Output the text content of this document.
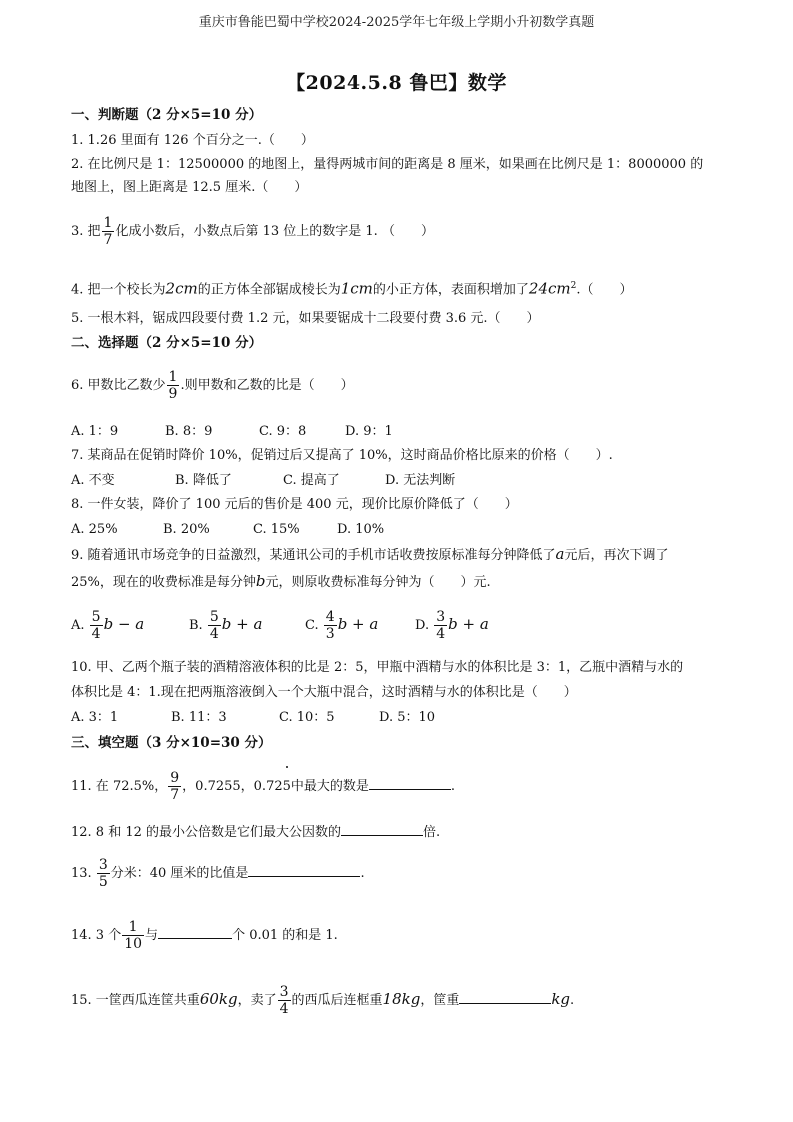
重庆市鲁能巴蜀中学校2024-2025学年七年级上学期小升初数学真题
【2024.5.8 鲁巴】数学
一、判断题（2 分×5=10 分）
1. 1.26 里面有 126 个百分之一.（　　）
2. 在比例尺是 1：12500000 的地图上，量得两城市间的距离是 8 厘米，如果画在比例尺是 1：8000000 的
地图上，图上距离是 12.5 厘米.（　　）
3. 把 $\frac{1}{7}$ 化成小数后，小数点后第 13 位上的数字是 1. （　　）
4. 把一个校长为2cm的正方体全部锯成棱长为1cm的小正方体，表面积增加了$24cm^2$.（　　）
5. 一根木料，锯成四段要付费 1.2 元，如果要锯成十二段要付费 3.6 元.（　　）
二、选择题（2 分×5=10 分）
6. 甲数比乙数少 $\frac{1}{9}$ .则甲数和乙数的比是（　　）
A. 1：9	B. 8：9	C. 9：8	D. 9：1
7. 某商品在促销时降价 10%，促销过后又提高了 10%，这时商品价格比原来的价格（　　）.
A. 不变	B. 降低了	C. 提高了	D. 无法判断
8. 一件女装，降价了 100 元后的售价是 400 元，现价比原价降低了（　　）
A. 25%	B. 20%	C. 15%	D. 10%
9. 随着通讯市场竞争的日益激烈，某通讯公司的手机市话收费按原标准每分钟降低了a元后，再次下调了
25%，现在的收费标准是每分钟b元，则原收费标准每分钟为（　　）元.
A. $\frac{5}{4}$ b − a	B. $\frac{5}{4}$ b + a	C. $\frac{4}{3}$ b + a	D. $\frac{3}{4}$ b + a
10. 甲、乙两个瓶子装的酒精溶液体积的比是 2：5，甲瓶中酒精与水的体积比是 3：1，乙瓶中酒精与水的
体积比是 4：1.现在把两瓶溶液倒入一个大瓶中混合，这时酒精与水的体积比是（　　）
A. 3：1	B. 11：3	C. 10：5	D. 5：10
三、填空题（3 分×10=30 分）
11. 在 72.5%， $\frac{9}{7}$ ，0.7255，0.725中最大的数是	.
12. 8 和 12 的最小公倍数是它们最大公因数的	倍.
13. $\frac{3}{5}$ 分米：40 厘米的比值是	.
14. 3 个 $\frac{1}{10}$ 与	个 0.01 的和是 1.
15. 一筐西瓜连筐共重60kg，卖了 $\frac{3}{4}$ 的西瓜后连框重18kg，筐重	kg.
